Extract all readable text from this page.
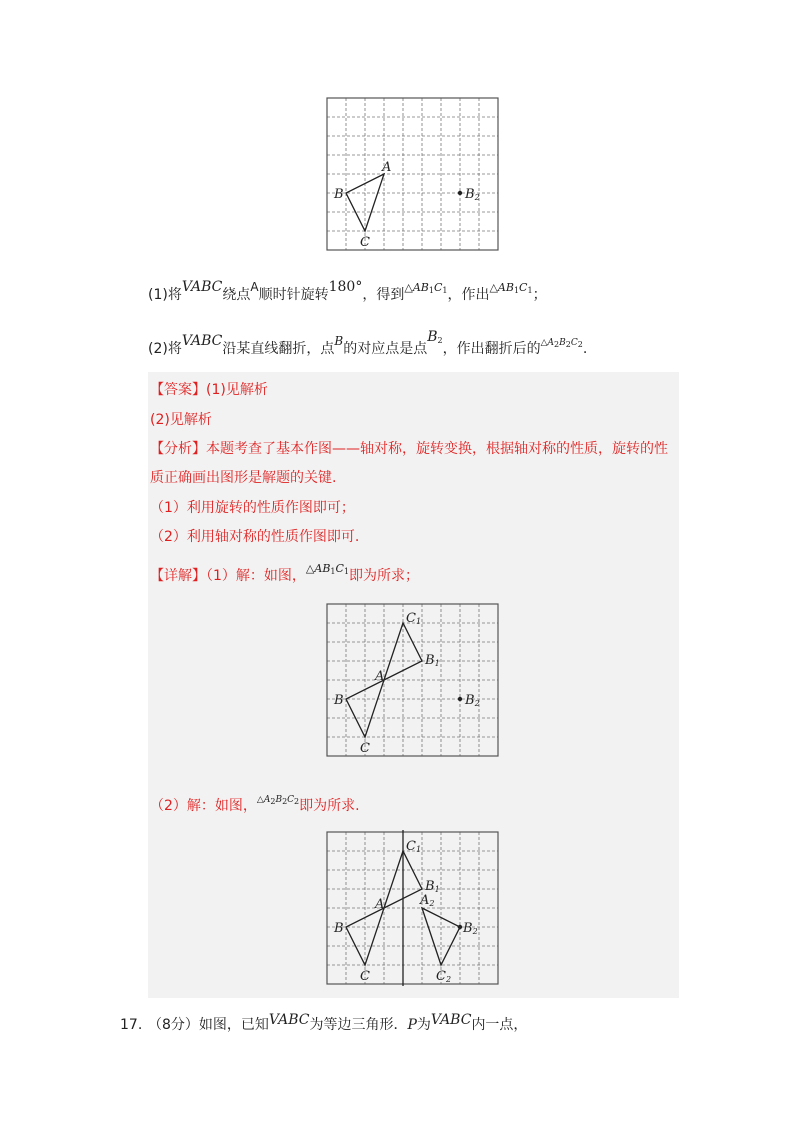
A
B
C
B2
(1)将VABC绕点A顺时针旋转180°，得到$^{\triangle AB_1C_1}$，作出$^{\triangle AB_1C_1}$；
(2)将VABC沿某直线翻折，点B的对应点是点$B_2$，作出翻折后的$^{\triangle A2B2C2}$.
【答案】(1)见解析
(2)见解析
【分析】本题考查了基本作图——轴对称，旋转变换，根据轴对称的性质，旋转的性
质正确画出图形是解题的关键.
（1）利用旋转的性质作图即可；
（2）利用轴对称的性质作图即可.
【详解】（1）解：如图，$^{\triangle AB_1C_1}$即为所求；
A
B
C
C1
B1
B2
（2）解：如图，$^{\triangle A2B2C2}$即为所求.
A
B
C
C1
B1
A2
B2
C2
17. （8分）如图，已知VABC为等边三角形．P为VABC内一点，
